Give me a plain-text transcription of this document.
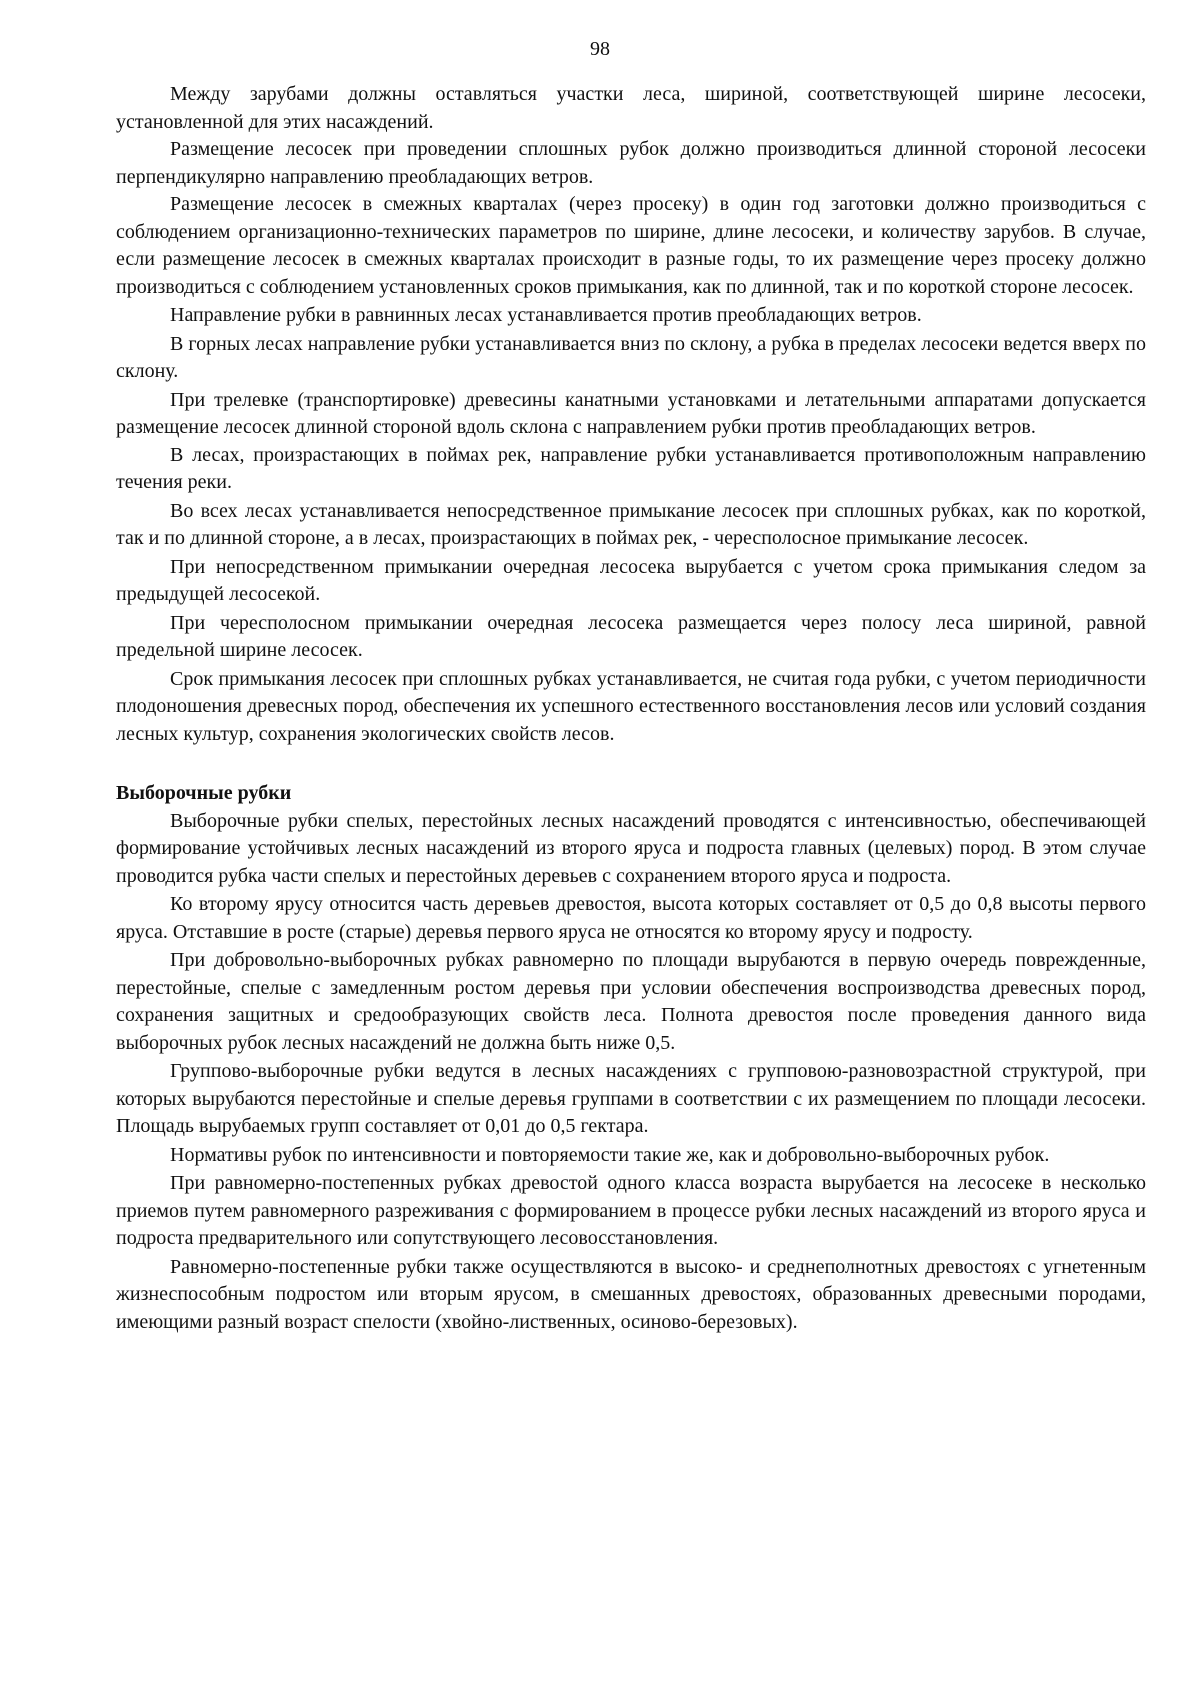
98

Между зарубами должны оставляться участки леса, шириной, соответствующей ширине лесосеки, установленной для этих насаждений.

Размещение лесосек при проведении сплошных рубок должно производиться длинной стороной лесосеки перпендикулярно направлению преобладающих ветров.

Размещение лесосек в смежных кварталах (через просеку) в один год заготовки должно производиться с соблюдением организационно-технических параметров по ширине, длине лесосеки, и количеству зарубов. В случае, если размещение лесосек в смежных кварталах происходит в разные годы, то их размещение через просеку должно производиться с соблюдением установленных сроков примыкания, как по длинной, так и по короткой стороне лесосек.

Направление рубки в равнинных лесах устанавливается против преобладающих ветров.

В горных лесах направление рубки устанавливается вниз по склону, а рубка в пределах лесосеки ведется вверх по склону.

При трелевке (транспортировке) древесины канатными установками и летательными аппаратами допускается размещение лесосек длинной стороной вдоль склона с направлением рубки против преобладающих ветров.

В лесах, произрастающих в поймах рек, направление рубки устанавливается противоположным направлению течения реки.

Во всех лесах устанавливается непосредственное примыкание лесосек при сплошных рубках, как по короткой, так и по длинной стороне, а в лесах, произрастающих в поймах рек, - чересполосное примыкание лесосек.

При непосредственном примыкании очередная лесосека вырубается с учетом срока примыкания следом за предыдущей лесосекой.

При чересполосном примыкании очередная лесосека размещается через полосу леса шириной, равной предельной ширине лесосек.

Срок примыкания лесосек при сплошных рубках устанавливается, не считая года рубки, с учетом периодичности плодоношения древесных пород, обеспечения их успешного естественного восстановления лесов или условий создания лесных культур, сохранения экологических свойств лесов.

Выборочные рубки

Выборочные рубки спелых, перестойных лесных насаждений проводятся с интенсивностью, обеспечивающей формирование устойчивых лесных насаждений из второго яруса и подроста главных (целевых) пород. В этом случае проводится рубка части спелых и перестойных деревьев с сохранением второго яруса и подроста.

Ко второму ярусу относится часть деревьев древостоя, высота которых составляет от 0,5 до 0,8 высоты первого яруса. Отставшие в росте (старые) деревья первого яруса не относятся ко второму ярусу и подросту.

При добровольно-выборочных рубках равномерно по площади вырубаются в первую очередь поврежденные, перестойные, спелые с замедленным ростом деревья при условии обеспечения воспроизводства древесных пород, сохранения защитных и средообразующих свойств леса. Полнота древостоя после проведения данного вида выборочных рубок лесных насаждений не должна быть ниже 0,5.

Группово-выборочные рубки ведутся в лесных насаждениях с групповою-разновозрастной структурой, при которых вырубаются перестойные и спелые деревья группами в соответствии с их размещением по площади лесосеки. Площадь вырубаемых групп составляет от 0,01 до 0,5 гектара.

Нормативы рубок по интенсивности и повторяемости такие же, как и добровольно-выборочных рубок.

При равномерно-постепенных рубках древостой одного класса возраста вырубается на лесосеке в несколько приемов путем равномерного разреживания с формированием в процессе рубки лесных насаждений из второго яруса и подроста предварительного или сопутствующего лесовосстановления.

Равномерно-постепенные рубки также осуществляются в высоко- и среднеполнотных древостоях с угнетенным жизнеспособным подростом или вторым ярусом, в смешанных древостоях, образованных древесными породами, имеющими разный возраст спелости (хвойно-лиственных, осиново-березовых).
